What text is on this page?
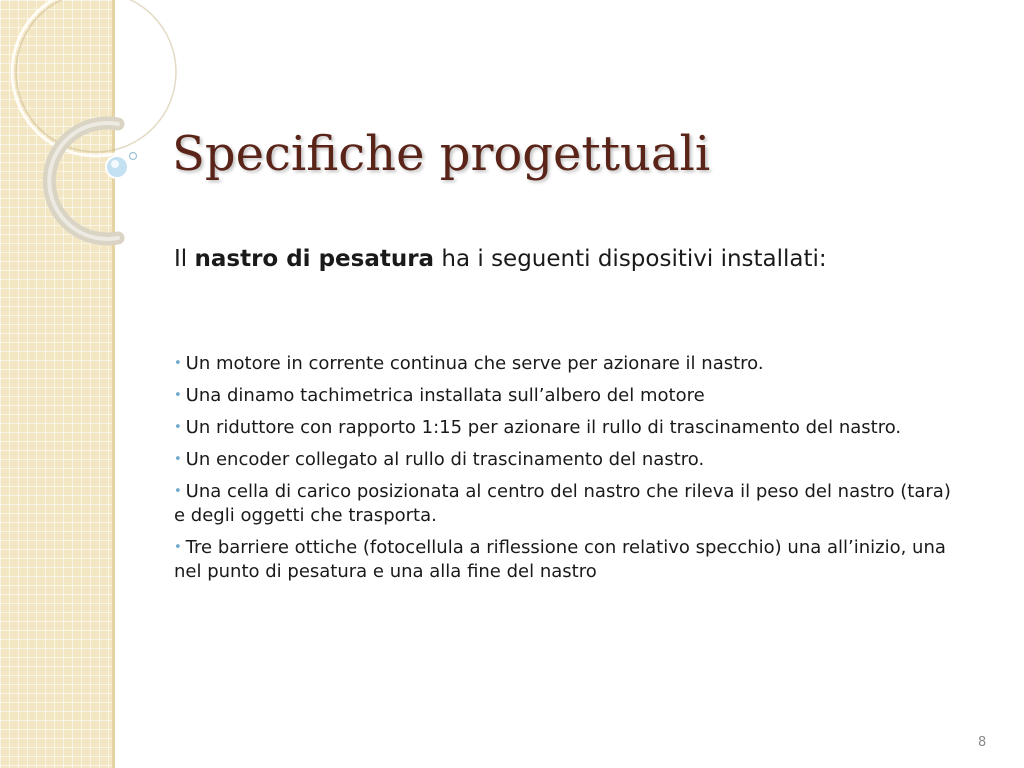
Specifiche progettuali

Il nastro di pesatura ha i seguenti dispositivi installati:

• Un motore in corrente continua che serve per azionare il nastro.
• Una dinamo tachimetrica installata sull’albero del motore
• Un riduttore con rapporto 1:15 per azionare il rullo di trascinamento del nastro.
• Un encoder collegato al rullo di trascinamento del nastro.
• Una cella di carico posizionata al centro del nastro che rileva il peso del nastro (tara) e degli oggetti che trasporta.
• Tre barriere ottiche (fotocellula a riflessione con relativo specchio) una all’inizio, una nel punto di pesatura e una alla fine del nastro
8
